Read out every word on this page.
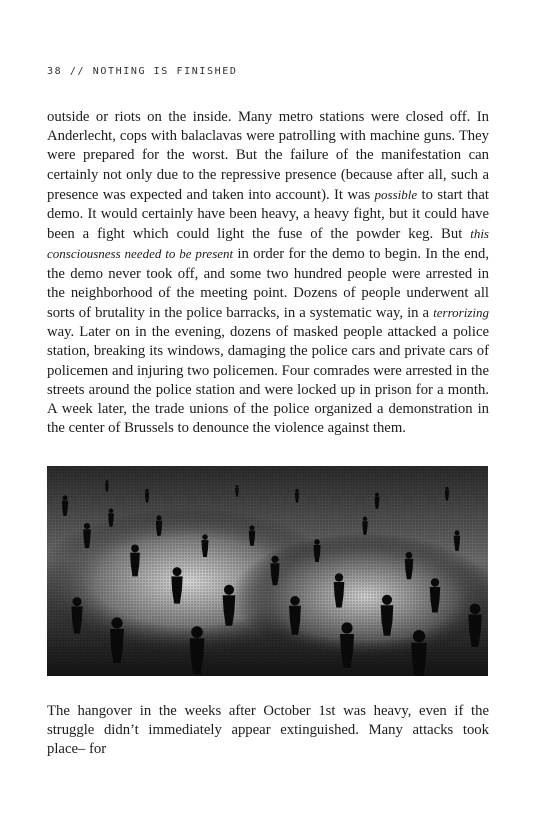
38 // NOTHING IS FINISHED

outside or riots on the inside. Many metro stations were closed off. In Anderlecht, cops with balaclavas were patrolling with machine guns. They were prepared for the worst. But the failure of the manifestation can certainly not only due to the repressive presence (because after all, such a presence was expected and taken into account). It was possible to start that demo. It would certainly have been heavy, a heavy fight, but it could have been a fight which could light the fuse of the powder keg. But this consciousness needed to be present in order for the demo to begin. In the end, the demo never took off, and some two hundred people were arrested in the neighborhood of the meeting point. Dozens of people underwent all sorts of brutality in the police barracks, in a systematic way, in a terrorizing way. Later on in the evening, dozens of masked people attacked a police station, breaking its windows, damaging the police cars and private cars of policemen and injuring two policemen. Four comrades were arrested in the streets around the police station and were locked up in prison for a month. A week later, the trade unions of the police organized a demonstration in the center of Brussels to denounce the violence against them.

The hangover in the weeks after October 1st was heavy, even if the struggle didn’t immediately appear extinguished. Many attacks took place– for
